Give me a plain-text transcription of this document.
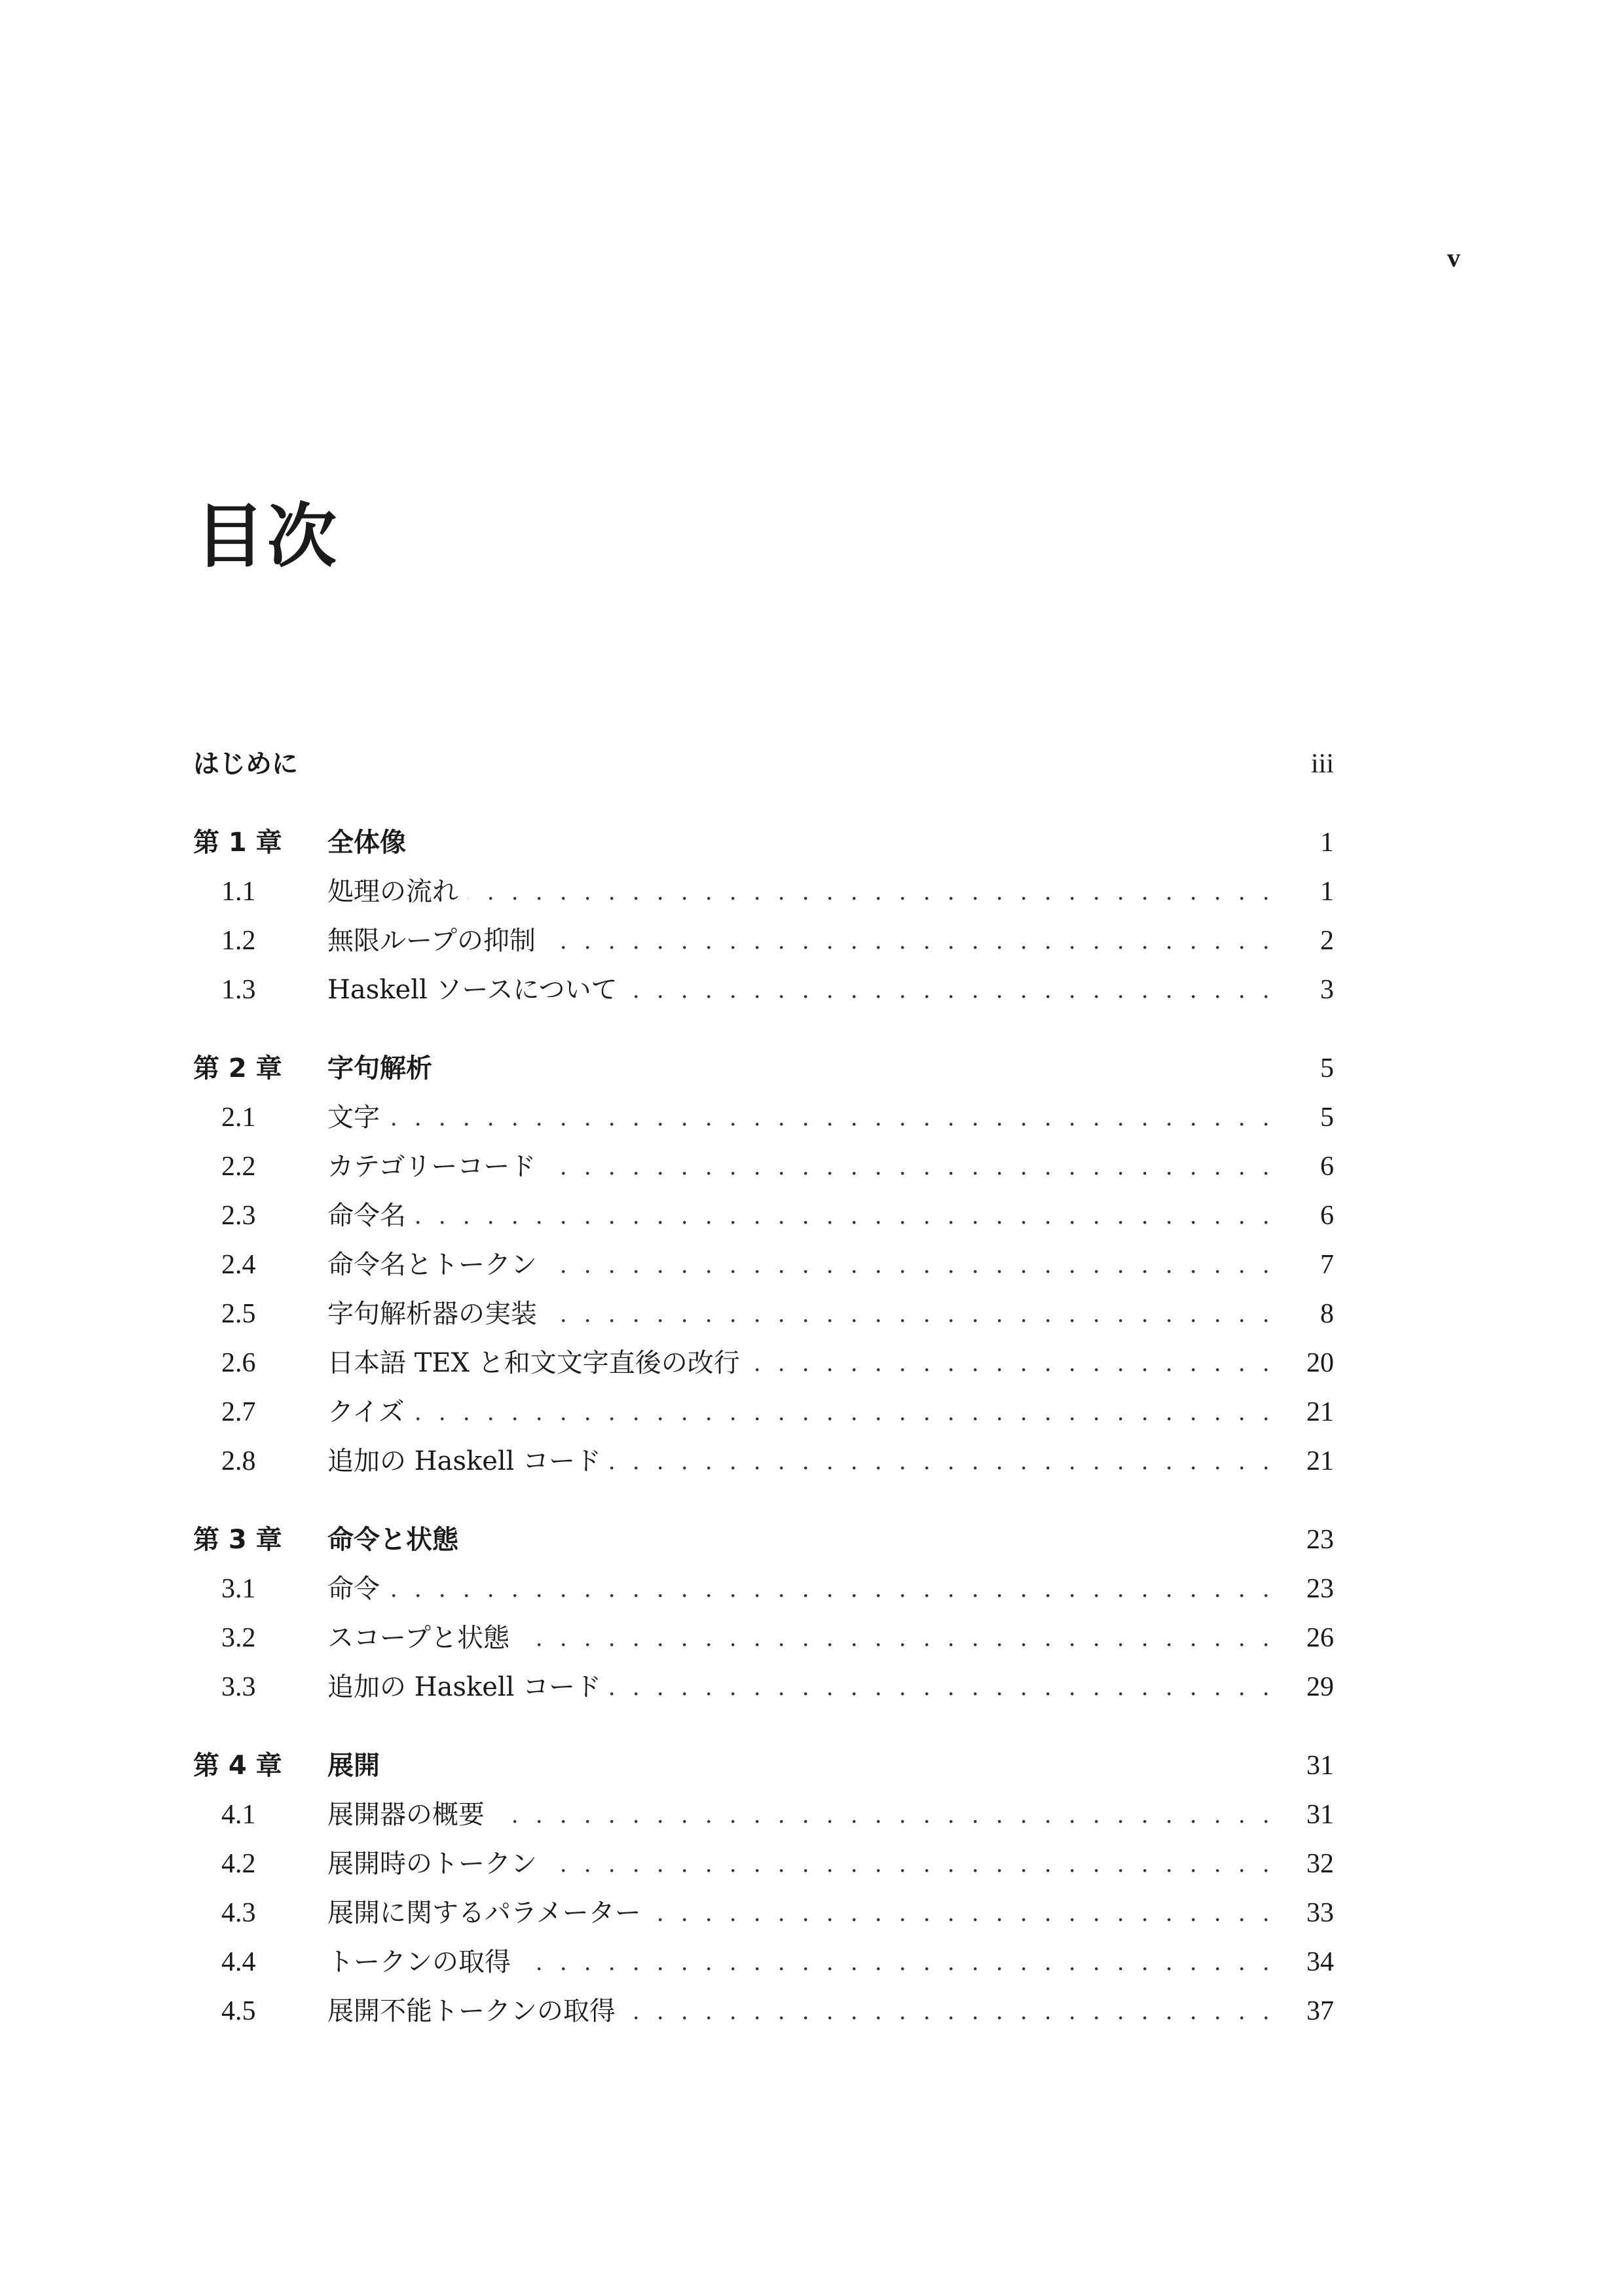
v
目次
はじめに	iii
第 1 章	全体像	1
1.1	処理の流れ . . .	1
1.2	無限ループの抑制 . . .	2
1.3	Haskell ソースについて . . .	3
第 2 章	字句解析	5
2.1	文字 . . .	5
2.2	カテゴリーコード . . .	6
2.3	命令名 . . .	6
2.4	命令名とトークン . . .	7
2.5	字句解析器の実装 . . .	8
2.6	日本語 TEX と和文文字直後の改行 . . .	20
2.7	クイズ . . .	21
2.8	追加の Haskell コード . . .	21
第 3 章	命令と状態	23
3.1	命令 . . .	23
3.2	スコープと状態 . . .	26
3.3	追加の Haskell コード . . .	29
第 4 章	展開	31
4.1	展開器の概要 . . .	31
4.2	展開時のトークン . . .	32
4.3	展開に関するパラメーター . . .	33
4.4	トークンの取得 . . .	34
4.5	展開不能トークンの取得 . . .	37
